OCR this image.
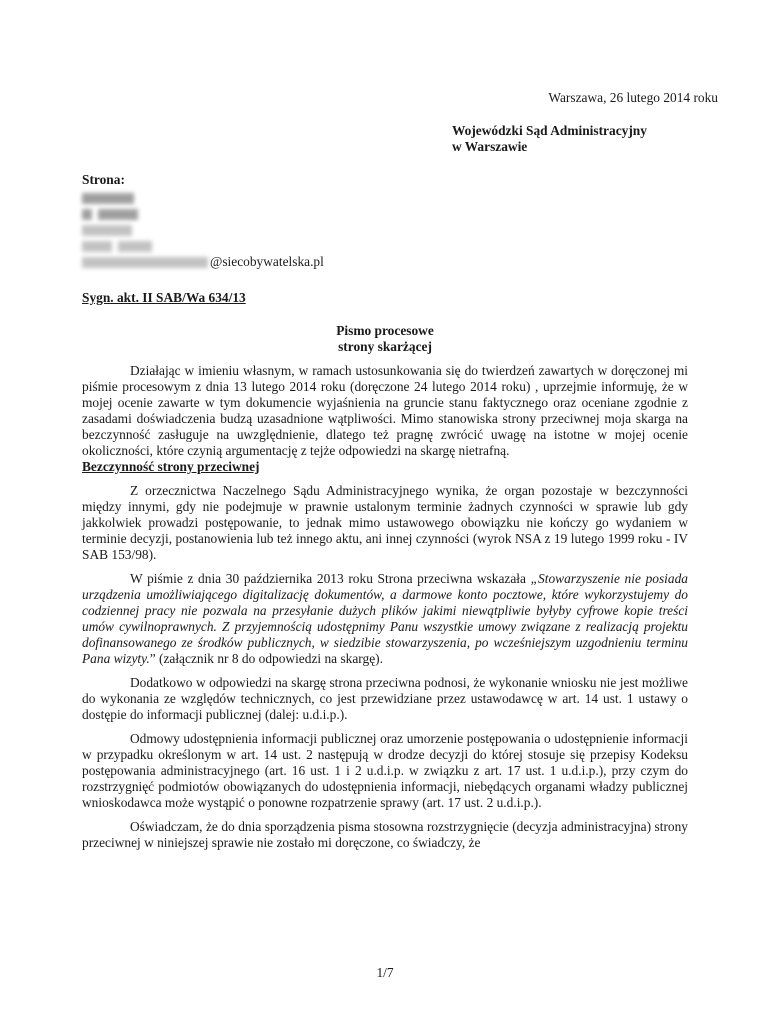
Warszawa, 26 lutego 2014 roku
Wojewódzki Sąd Administracyjny
w Warszawie
Strona:
@siecobywatelska.pl
Sygn. akt. II SAB/Wa 634/13
Pismo procesowe
strony skarżącej

Działając w imieniu własnym, w ramach ustosunkowania się do twierdzeń zawartych w doręczonej mi piśmie procesowym z dnia 13 lutego 2014 roku (doręczone 24 lutego 2014 roku) , uprzejmie informuję, że w mojej ocenie zawarte w tym dokumencie wyjaśnienia na gruncie stanu faktycznego oraz oceniane zgodnie z zasadami doświadczenia budzą uzasadnione wątpliwości. Mimo stanowiska strony przeciwnej moja skarga na bezczynność zasługuje na uwzględnienie, dlatego też pragnę zwrócić uwagę na istotne w mojej ocenie okoliczności, które czynią argumentację z tejże odpowiedzi na skargę nietrafną.

Bezczynność strony przeciwnej

Z orzecznictwa Naczelnego Sądu Administracyjnego wynika, że organ pozostaje w bezczynności między innymi, gdy nie podejmuje w prawnie ustalonym terminie żadnych czynności w sprawie lub gdy jakkolwiek prowadzi postępowanie, to jednak mimo ustawowego obowiązku nie kończy go wydaniem w terminie decyzji, postanowienia lub też innego aktu, ani innej czynności (wyrok NSA z 19 lutego 1999 roku - IV SAB 153/98).

W piśmie z dnia 30 października 2013 roku Strona przeciwna wskazała „Stowarzyszenie nie posiada urządzenia umożliwiającego digitalizację dokumentów, a darmowe konto pocztowe, które wykorzystujemy do codziennej pracy nie pozwala na przesyłanie dużych plików jakimi niewątpliwie byłyby cyfrowe kopie treści umów cywilnoprawnych. Z przyjemnością udostępnimy Panu wszystkie umowy związane z realizacją projektu dofinansowanego ze środków publicznych, w siedzibie stowarzyszenia, po wcześniejszym uzgodnieniu terminu Pana wizyty.” (załącznik nr 8 do odpowiedzi na skargę).

Dodatkowo w odpowiedzi na skargę strona przeciwna podnosi, że wykonanie wniosku nie jest możliwe do wykonania ze względów technicznych, co jest przewidziane przez ustawodawcę w art. 14 ust. 1 ustawy o dostępie do informacji publicznej (dalej: u.d.i.p.).

Odmowy udostępnienia informacji publicznej oraz umorzenie postępowania o udostępnienie informacji w przypadku określonym w art. 14 ust. 2 następują w drodze decyzji do której stosuje się przepisy Kodeksu postępowania administracyjnego (art. 16 ust. 1 i 2 u.d.i.p. w związku z art. 17 ust. 1 u.d.i.p.), przy czym do rozstrzygnięć podmiotów obowiązanych do udostępnienia informacji, niebędących organami władzy publicznej wnioskodawca może wystąpić o ponowne rozpatrzenie sprawy (art. 17 ust. 2 u.d.i.p.).

Oświadczam, że do dnia sporządzenia pisma stosowna rozstrzygnięcie (decyzja administracyjna) strony przeciwnej w niniejszej sprawie nie zostało mi doręczone, co świadczy, że

1/7
